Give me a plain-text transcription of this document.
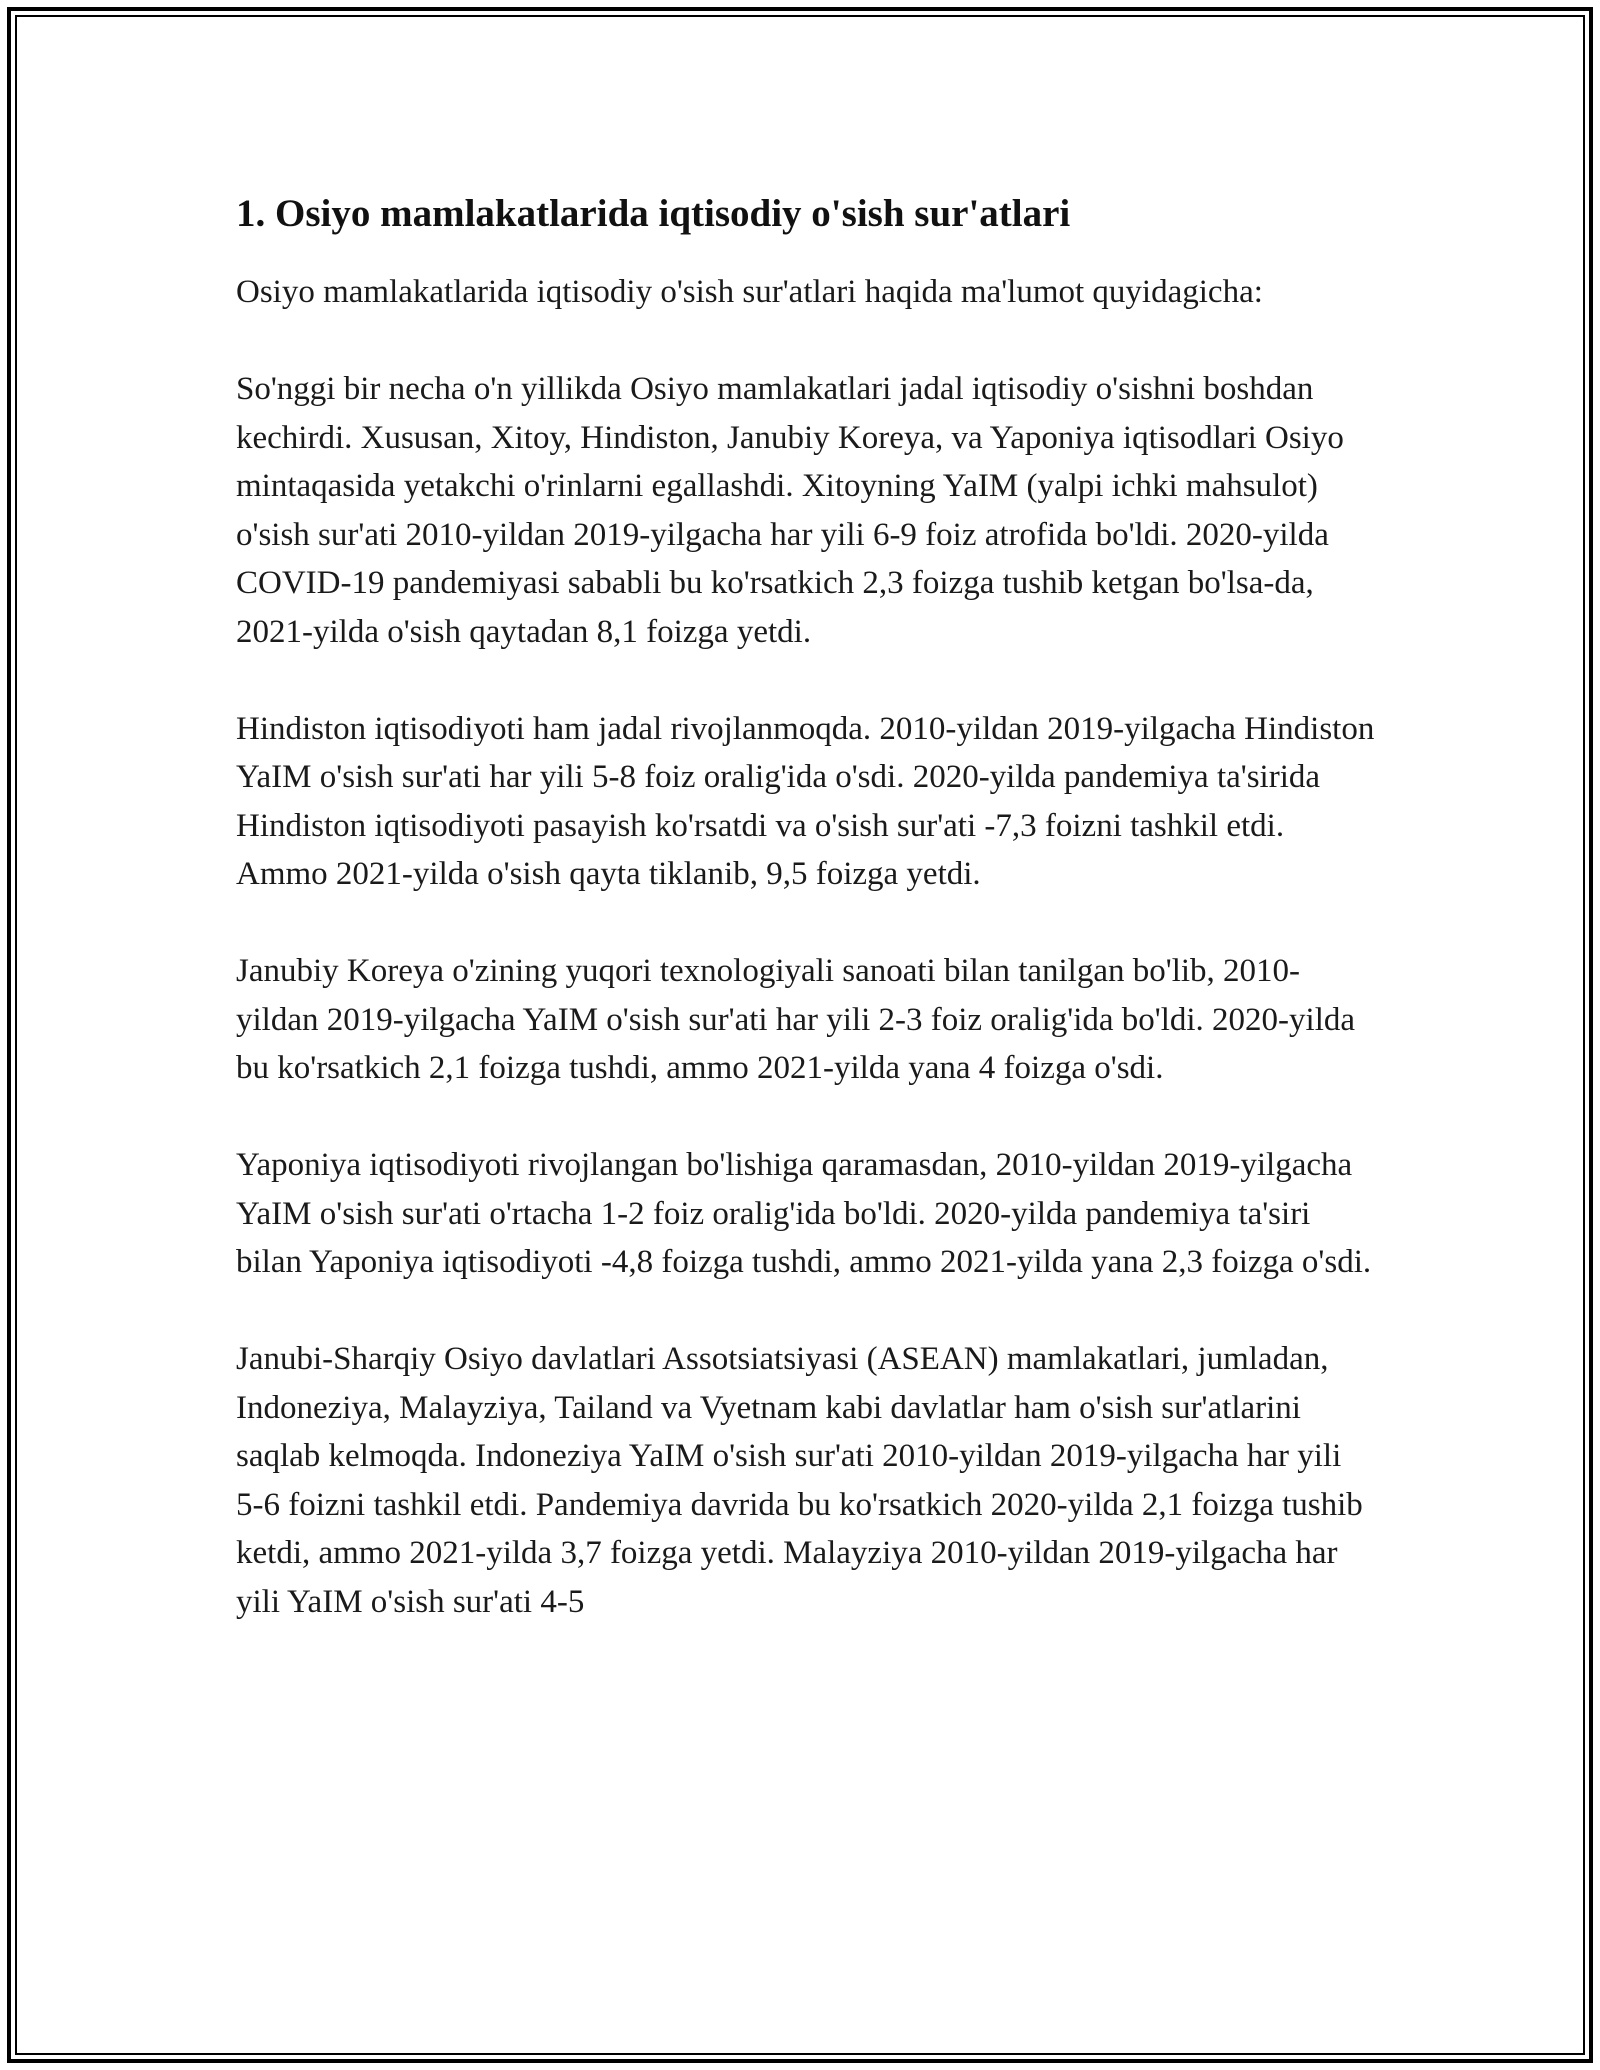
1. Osiyo mamlakatlarida iqtisodiy o'sish sur'atlari

Osiyo mamlakatlarida iqtisodiy o'sish sur'atlari haqida ma'lumot quyidagicha:

So'nggi bir necha o'n yillikda Osiyo mamlakatlari jadal iqtisodiy o'sishni boshdan kechirdi. Xususan, Xitoy, Hindiston, Janubiy Koreya, va Yaponiya iqtisodlari Osiyo mintaqasida yetakchi o'rinlarni egallashdi. Xitoyning YaIM (yalpi ichki mahsulot) o'sish sur'ati 2010-yildan 2019-yilgacha har yili 6-9 foiz atrofida bo'ldi. 2020-yilda COVID-19 pandemiyasi sababli bu ko'rsatkich 2,3 foizga tushib ketgan bo'lsa-da, 2021-yilda o'sish qaytadan 8,1 foizga yetdi.

Hindiston iqtisodiyoti ham jadal rivojlanmoqda. 2010-yildan 2019-yilgacha Hindiston YaIM o'sish sur'ati har yili 5-8 foiz oralig'ida o'sdi. 2020-yilda pandemiya ta'sirida Hindiston iqtisodiyoti pasayish ko'rsatdi va o'sish sur'ati -7,3 foizni tashkil etdi. Ammo 2021-yilda o'sish qayta tiklanib, 9,5 foizga yetdi.

Janubiy Koreya o'zining yuqori texnologiyali sanoati bilan tanilgan bo'lib, 2010-yildan 2019-yilgacha YaIM o'sish sur'ati har yili 2-3 foiz oralig'ida bo'ldi. 2020-yilda bu ko'rsatkich 2,1 foizga tushdi, ammo 2021-yilda yana 4 foizga o'sdi.

Yaponiya iqtisodiyoti rivojlangan bo'lishiga qaramasdan, 2010-yildan 2019-yilgacha YaIM o'sish sur'ati o'rtacha 1-2 foiz oralig'ida bo'ldi. 2020-yilda pandemiya ta'siri bilan Yaponiya iqtisodiyoti -4,8 foizga tushdi, ammo 2021-yilda yana 2,3 foizga o'sdi.

Janubi-Sharqiy Osiyo davlatlari Assotsiatsiyasi (ASEAN) mamlakatlari, jumladan, Indoneziya, Malayziya, Tailand va Vyetnam kabi davlatlar ham o'sish sur'atlarini saqlab kelmoqda. Indoneziya YaIM o'sish sur'ati 2010-yildan 2019-yilgacha har yili 5-6 foizni tashkil etdi. Pandemiya davrida bu ko'rsatkich 2020-yilda 2,1 foizga tushib ketdi, ammo 2021-yilda 3,7 foizga yetdi. Malayziya 2010-yildan 2019-yilgacha har yili YaIM o'sish sur'ati 4-5
